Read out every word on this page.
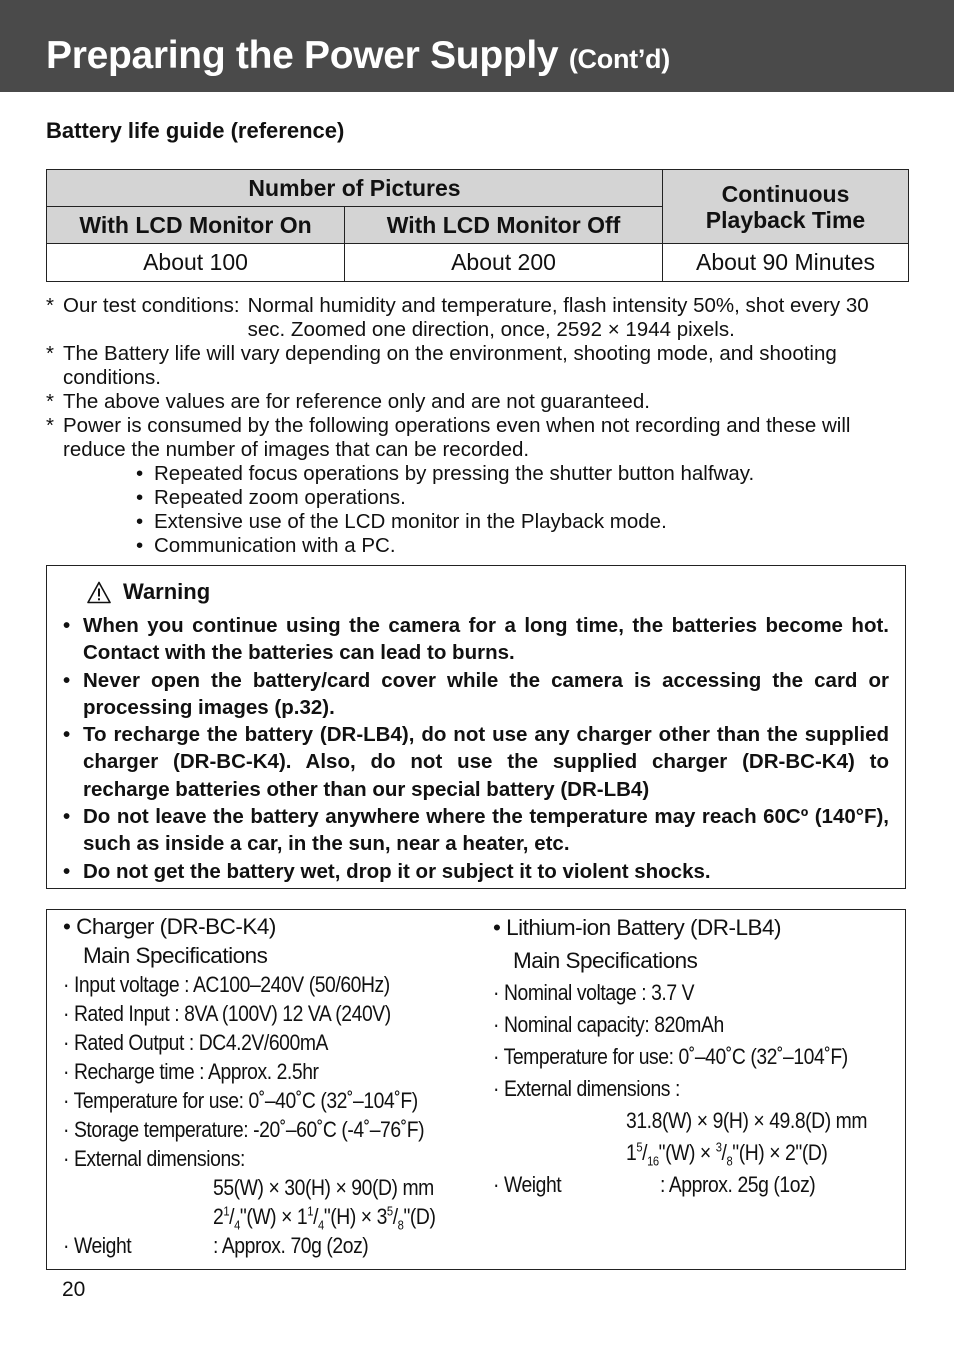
Preparing the Power Supply (Cont’d)
Battery life guide (reference)
Number of Pictures		Continuous
Playback Time
With LCD Monitor On	With LCD Monitor Off	
About 100	About 200	About 90 Minutes
* Our test conditions: Normal humidity and temperature, flash intensity 50%, shot every 30 sec. Zoomed one direction, once, 2592 × 1944 pixels.
* The Battery life will vary depending on the environment, shooting mode, and shooting conditions.
* The above values are for reference only and are not guaranteed.
* Power is consumed by the following operations even when not recording and these will reduce the number of images that can be recorded.
• Repeated focus operations by pressing the shutter button halfway.
• Repeated zoom operations.
• Extensive use of the LCD monitor in the Playback mode.
• Communication with a PC.
Warning
• When you continue using the camera for a long time, the batteries become hot. Contact with the batteries can lead to burns.
• Never open the battery/card cover while the camera is accessing the card or processing images (p.32).
• To recharge the battery (DR-LB4), do not use any charger other than the supplied charger (DR-BC-K4). Also, do not use the supplied charger (DR-BC-K4) to recharge batteries other than our special battery (DR-LB4)
• Do not leave the battery anywhere where the temperature may reach 60Cº (140°F), such as inside a car, in the sun, near a heater, etc.
• Do not get the battery wet, drop it or subject it to violent shocks.
• Charger (DR-BC-K4)
Main Specifications
· Input voltage : AC100–240V (50/60Hz)
· Rated Input : 8VA (100V) 12 VA (240V)
· Rated Output : DC4.2V/600mA
· Recharge time : Approx. 2.5hr
· Temperature for use: 0˚–40˚C (32˚–104˚F)
· Storage temperature: -20˚–60˚C (-4˚–76˚F)
· External dimensions:
55(W) × 30(H) × 90(D) mm
$2^1/_4"(W)$ × $1^1/_4"(H)$ × $3^5/_8"(D)$
· Weight	: Approx. 70g (2oz)
• Lithium-ion Battery (DR-LB4)
Main Specifications
· Nominal voltage : 3.7 V
· Nominal capacity: 820mAh
· Temperature for use: 0˚–40˚C (32˚–104˚F)
· External dimensions :
31.8(W) × 9(H) × 49.8(D) mm
$1^5/_{16}"(W)$ × $^3/_8"(H)$ × 2"(D)
· Weight	: Approx. 25g (1oz)
20
